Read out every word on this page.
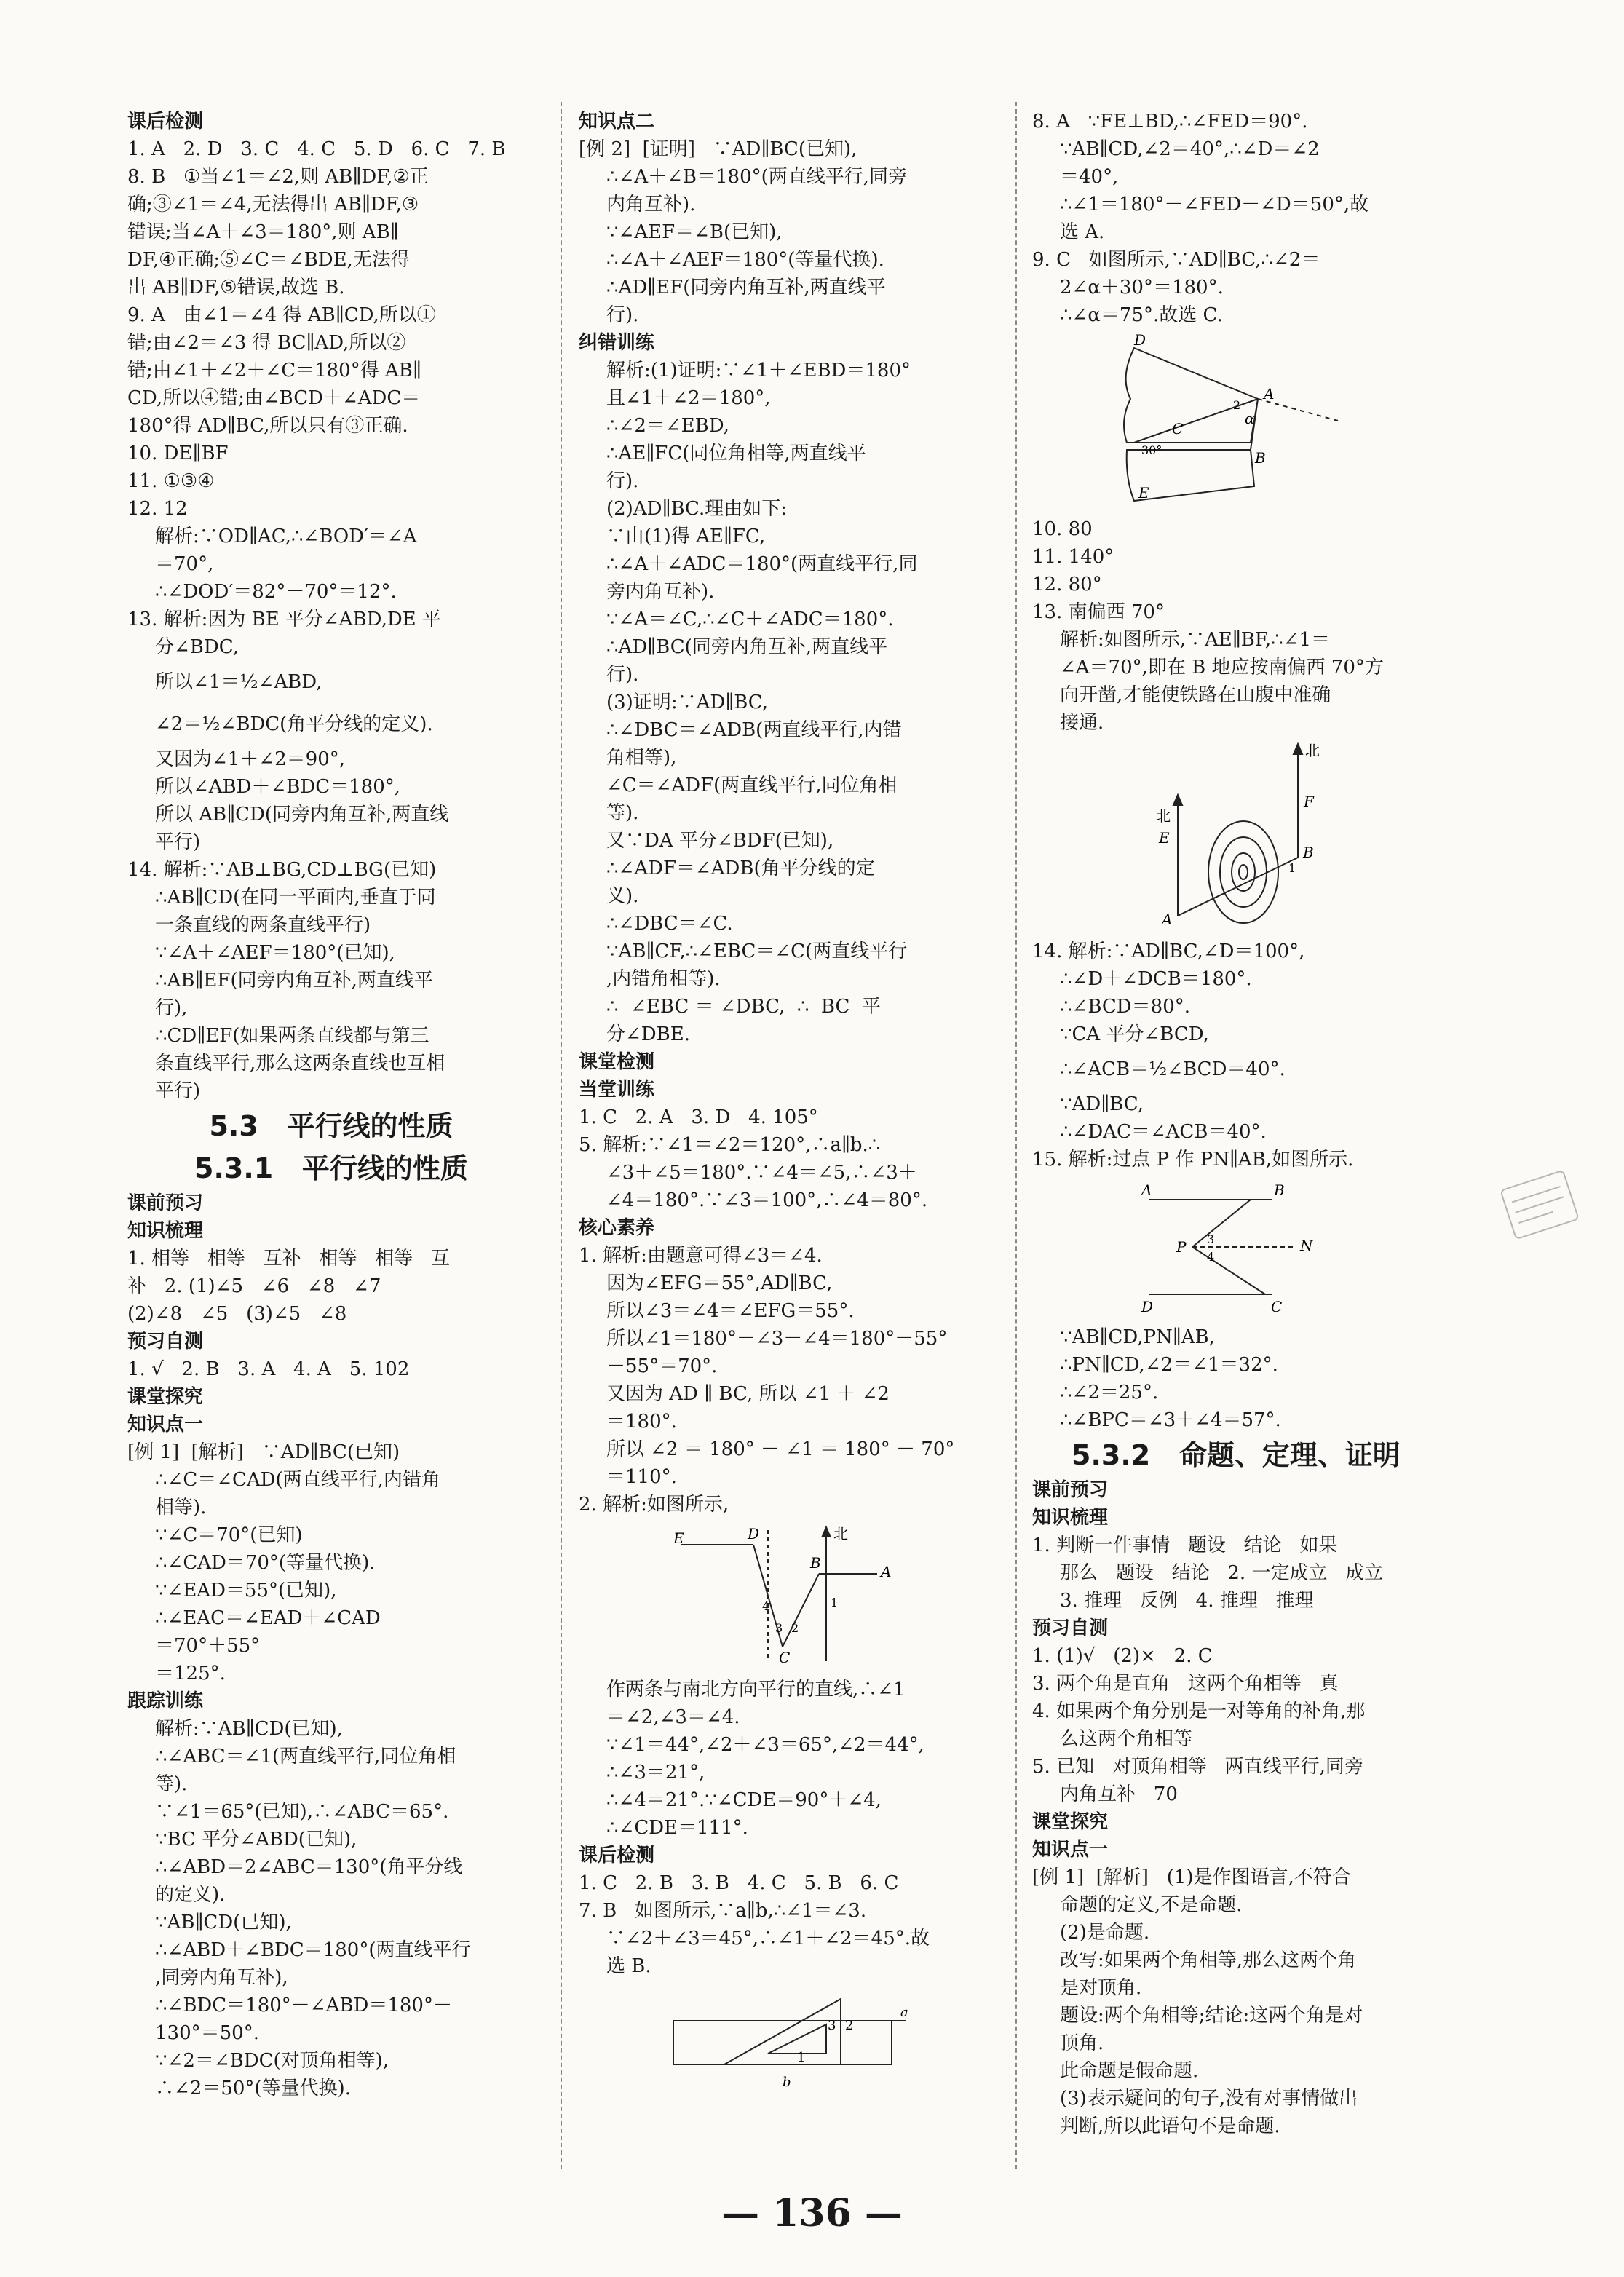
课后检测
1. A   2. D   3. C   4. C   5. D   6. C   7. B
8. B   ①当∠1＝∠2,则 AB∥DF,②正
确;③∠1＝∠4,无法得出 AB∥DF,③
错误;当∠A＋∠3＝180°,则 AB∥
DF,④正确;⑤∠C＝∠BDE,无法得
出 AB∥DF,⑤错误,故选 B.
9. A   由∠1＝∠4 得 AB∥CD,所以①
错;由∠2＝∠3 得 BC∥AD,所以②
错;由∠1＋∠2＋∠C＝180°得 AB∥
CD,所以④错;由∠BCD＋∠ADC＝
180°得 AD∥BC,所以只有③正确.
10. DE∥BF
11. ①③④
12. 12
解析:∵OD∥AC,∴∠BOD′＝∠A
＝70°,
∴∠DOD′＝82°－70°＝12°.
13. 解析:因为 BE 平分∠ABD,DE 平
分∠BDC,
所以∠1＝½∠ABD,
∠2＝½∠BDC(角平分线的定义).
又因为∠1＋∠2＝90°,
所以∠ABD＋∠BDC＝180°,
所以 AB∥CD(同旁内角互补,两直线
平行)
14. 解析:∵AB⊥BG,CD⊥BG(已知)
∴AB∥CD(在同一平面内,垂直于同
一条直线的两条直线平行)
∵∠A＋∠AEF＝180°(已知),
∴AB∥EF(同旁内角互补,两直线平
行),
∴CD∥EF(如果两条直线都与第三
条直线平行,那么这两条直线也互相
平行)
5.3   平行线的性质
5.3.1   平行线的性质
课前预习
知识梳理
1. 相等   相等   互补   相等   相等   互
补   2. (1)∠5   ∠6   ∠8   ∠7
(2)∠8   ∠5   (3)∠5   ∠8
预习自测
1. √   2. B   3. A   4. A   5. 102
课堂探究
知识点一
[例 1]  [解析]   ∵AD∥BC(已知)
∴∠C＝∠CAD(两直线平行,内错角
相等).
∵∠C＝70°(已知)
∴∠CAD＝70°(等量代换).
∵∠EAD＝55°(已知),
∴∠EAC＝∠EAD＋∠CAD
＝70°＋55°
＝125°.
跟踪训练
解析:∵AB∥CD(已知),
∴∠ABC＝∠1(两直线平行,同位角相
等).
∵∠1＝65°(已知),∴∠ABC＝65°.
∵BC 平分∠ABD(已知),
∴∠ABD＝2∠ABC＝130°(角平分线
的定义).
∵AB∥CD(已知),
∴∠ABD＋∠BDC＝180°(两直线平行
,同旁内角互补),
∴∠BDC＝180°－∠ABD＝180°－
130°＝50°.
∵∠2＝∠BDC(对顶角相等),
∴∠2＝50°(等量代换).
知识点二
[例 2]  [证明]   ∵AD∥BC(已知),
∴∠A＋∠B＝180°(两直线平行,同旁
内角互补).
∵∠AEF＝∠B(已知),
∴∠A＋∠AEF＝180°(等量代换).
∴AD∥EF(同旁内角互补,两直线平
行).
纠错训练
解析:(1)证明:∵∠1＋∠EBD＝180°
且∠1＋∠2＝180°,
∴∠2＝∠EBD,
∴AE∥FC(同位角相等,两直线平
行).
(2)AD∥BC.理由如下:
∵由(1)得 AE∥FC,
∴∠A＋∠ADC＝180°(两直线平行,同
旁内角互补).
∵∠A＝∠C,∴∠C＋∠ADC＝180°.
∴AD∥BC(同旁内角互补,两直线平
行).
(3)证明:∵AD∥BC,
∴∠DBC＝∠ADB(两直线平行,内错
角相等),
∠C＝∠ADF(两直线平行,同位角相
等).
又∵DA 平分∠BDF(已知),
∴∠ADF＝∠ADB(角平分线的定
义).
∴∠DBC＝∠C.
∵AB∥CF,∴∠EBC＝∠C(两直线平行
,内错角相等).
∴  ∠EBC ＝ ∠DBC,  ∴  BC  平
分∠DBE.
课堂检测
当堂训练
1. C   2. A   3. D   4. 105°
5. 解析:∵∠1＝∠2＝120°,∴a∥b.∴
∠3＋∠5＝180°.∵∠4＝∠5,∴∠3＋
∠4＝180°.∵∠3＝100°,∴∠4＝80°.
核心素养
1. 解析:由题意可得∠3＝∠4.
因为∠EFG＝55°,AD∥BC,
所以∠3＝∠4＝∠EFG＝55°.
所以∠1＝180°－∠3－∠4＝180°－55°
－55°＝70°.
又因为 AD ∥ BC, 所以 ∠1 ＋ ∠2
＝180°.
所以 ∠2 ＝ 180° － ∠1 ＝ 180° － 70°
＝110°.
2. 解析:如图所示,
E	D	北
B	A
3
4
2
1
C
作两条与南北方向平行的直线,∴∠1
＝∠2,∠3＝∠4.
∵∠1＝44°,∠2＋∠3＝65°,∠2＝44°,
∴∠3＝21°,
∴∠4＝21°.∵∠CDE＝90°＋∠4,
∴∠CDE＝111°.
课后检测
1. C   2. B   3. B   4. C   5. B   6. C
7. B   如图所示,∵a∥b,∴∠1＝∠3.
∵∠2＋∠3＝45°,∴∠1＋∠2＝45°.故
选 B.
3 2
a
1
b
8. A   ∵FE⊥BD,∴∠FED＝90°.
∵AB∥CD,∠2＝40°,∴∠D＝∠2
＝40°,
∴∠1＝180°－∠FED－∠D＝50°,故
选 A.
9. C   如图所示,∵AD∥BC,∴∠2＝
2∠α＋30°＝180°.
∴∠α＝75°.故选 C.
D
A
2
α
C
30°	B
E
10. 80
11. 140°
12. 80°
13. 南偏西 70°
解析:如图所示,∵AE∥BF,∴∠1＝
∠A＝70°,即在 B 地应按南偏西 70°方
向开凿,才能使铁路在山腹中准确
接通.
北
F
北
E
B
1
A
14. 解析:∵AD∥BC,∠D＝100°,
∴∠D＋∠DCB＝180°.
∴∠BCD＝80°.
∵CA 平分∠BCD,
∴∠ACB＝½∠BCD＝40°.
∵AD∥BC,
∴∠DAC＝∠ACB＝40°.
15. 解析:过点 P 作 PN∥AB,如图所示.
A	B
P 3	N
4
D	C
∵AB∥CD,PN∥AB,
∴PN∥CD,∠2＝∠1＝32°.
∴∠2＝25°.
∴∠BPC＝∠3＋∠4＝57°.
5.3.2   命题、定理、证明
课前预习
知识梳理
1. 判断一件事情   题设   结论   如果
那么   题设   结论   2. 一定成立   成立
3. 推理   反例   4. 推理   推理
预习自测
1. (1)√   (2)×   2. C
3. 两个角是直角   这两个角相等   真
4. 如果两个角分别是一对等角的补角,那
么这两个角相等
5. 已知   对顶角相等   两直线平行,同旁
内角互补   70
课堂探究
知识点一
[例 1]  [解析]   (1)是作图语言,不符合
命题的定义,不是命题.
(2)是命题.
改写:如果两个角相等,那么这两个角
是对顶角.
题设:两个角相等;结论:这两个角是对
顶角.
此命题是假命题.
(3)表示疑问的句子,没有对事情做出
判断,所以此语句不是命题.
— 136 —
